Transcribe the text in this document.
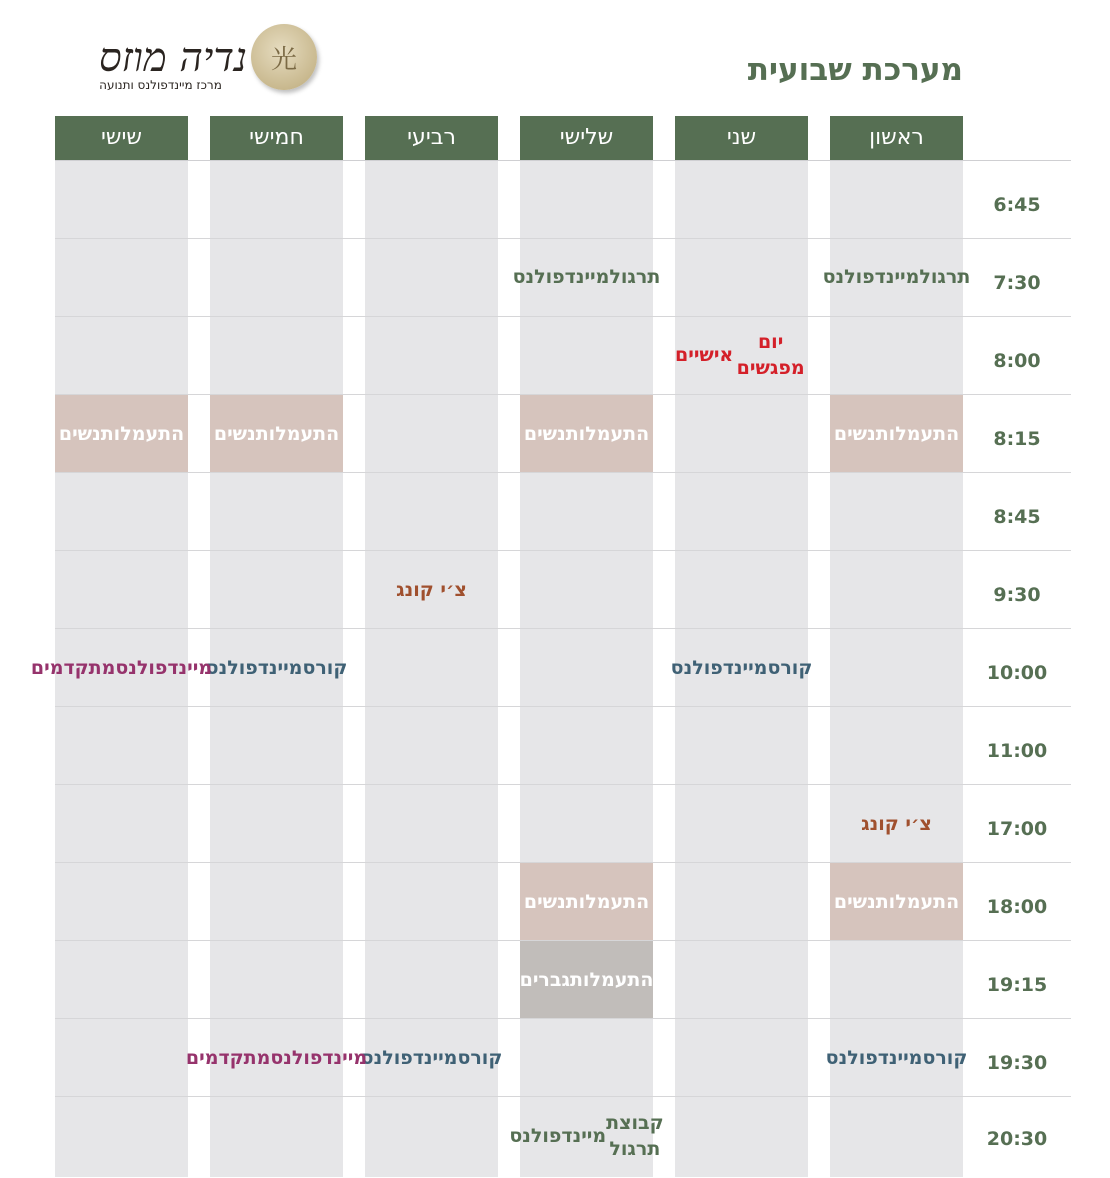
מערכת שבועית
נדיה מוזס
מרכז מיינדפולנס ותנועה
光
ראשון
שני
שלישי
רביעי
חמישי
שישי
תרגול
מיינדפולנס
תרגול
מיינדפולנס
יום מפגשים
אישיים
התעמלות
נשים
התעמלות
נשים
התעמלות
נשים
התעמלות
נשים
צ׳י קונג
קורס
מיינדפולנס
קורס
מיינדפולנס
מיינדפולנס
מתקדמים
צ׳י קונג
התעמלות
נשים
התעמלות
נשים
התעמלות
גברים
קורס
מיינדפולנס
קורס
מיינדפולנס
מיינדפולנס
מתקדמים
קבוצת תרגול
מיינדפולנס
6:45
7:30
8:00
8:15
8:45
9:30
10:00
11:00
17:00
18:00
19:15
19:30
20:30
